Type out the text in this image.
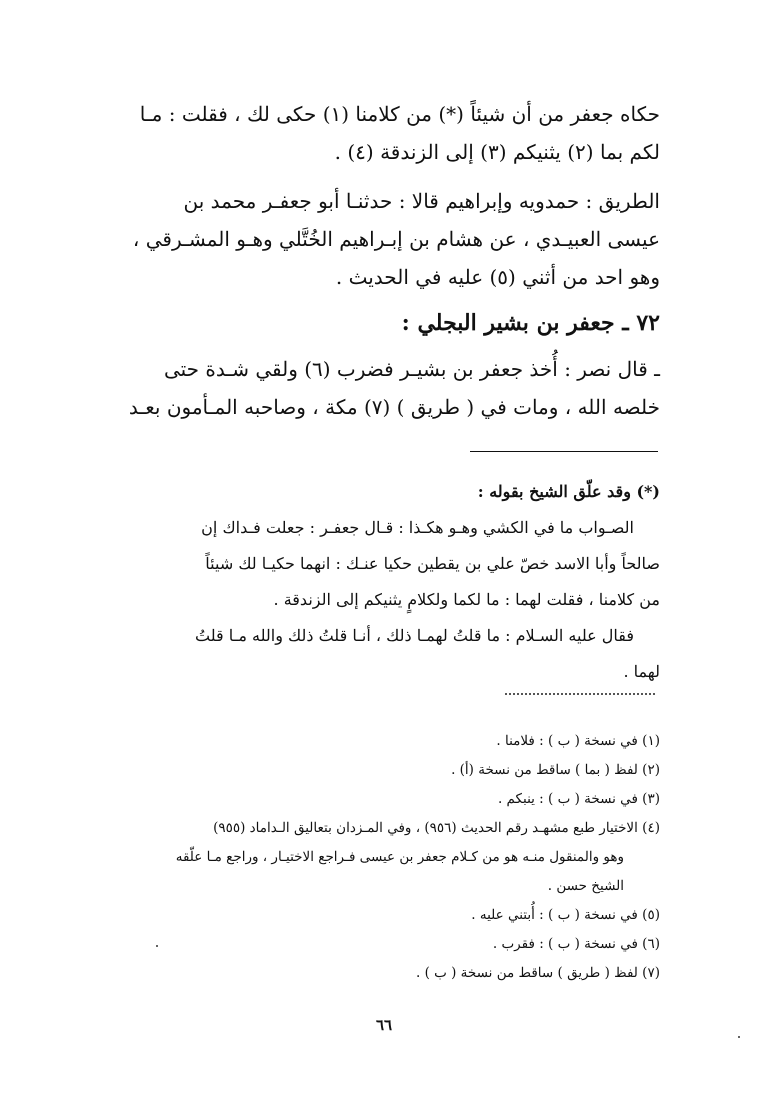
حكاه جعفر من أن شيئاً (*) من كلامنا (١) حكى لك ، فقلت : مـا
لكم بما (٢) يثنيكم (٣) إلى الزندقة (٤) .
الطريق : حمدويه وإبراهيم قالا : حدثنـا أبو جعفـر محمد بن
عيسى العبيـدي ، عن هشام بن إبـراهيم الخُتَّلي وهـو المشـرقي ،
وهو احد من أثني (٥) عليه في الحديث .
٧٢ ـ جعفر بن بشير البجلي :
ـ قال نصر : أُخذ جعفر بن بشيـر فضرب (٦) ولقي شـدة حتى
خلصه الله ، ومات في ( طريق ) (٧) مكة ، وصاحبه المـأمون بعـد
(*) وقد علّق الشيخ بقوله :
الصـواب ما في الكشي وهـو هكـذا : قـال جعفـر : جعلت فـداك إن
صالحاً وأبا الاسد خصّ علي بن يقطين حكيا عنـك : انهما حكيـا لك شيئاً
من كلامنا ، فقلت لهما : ما لكما ولكلامٍ يثنيكم إلى الزندقة .
فقال عليه السـلام : ما قلتُ لهمـا ذلك ، أنـا قلتُ ذلك والله مـا قلتُ
لهما .
(١) في نسخة ( ب ) : فلامنا .
(٢) لفظ ( بما ) ساقط من نسخة (أ) .
(٣) في نسخة ( ب ) : ينبكم .
(٤) الاختيار طبع مشهـد رقم الحديث (٩٥٦) ، وفي المـزدان بتعاليق الـداماد (٩٥٥)
وهو والمنقول منـه هو من كـلام جعفر بن عيسى فـراجع الاختيـار ، وراجع مـا علّقه
الشيخ حسن .
(٥) في نسخة ( ب ) : أُبتني عليه .
(٦) في نسخة ( ب ) : فقرب .
(٧) لفظ ( طريق ) ساقط من نسخة ( ب ) .
٦٦
